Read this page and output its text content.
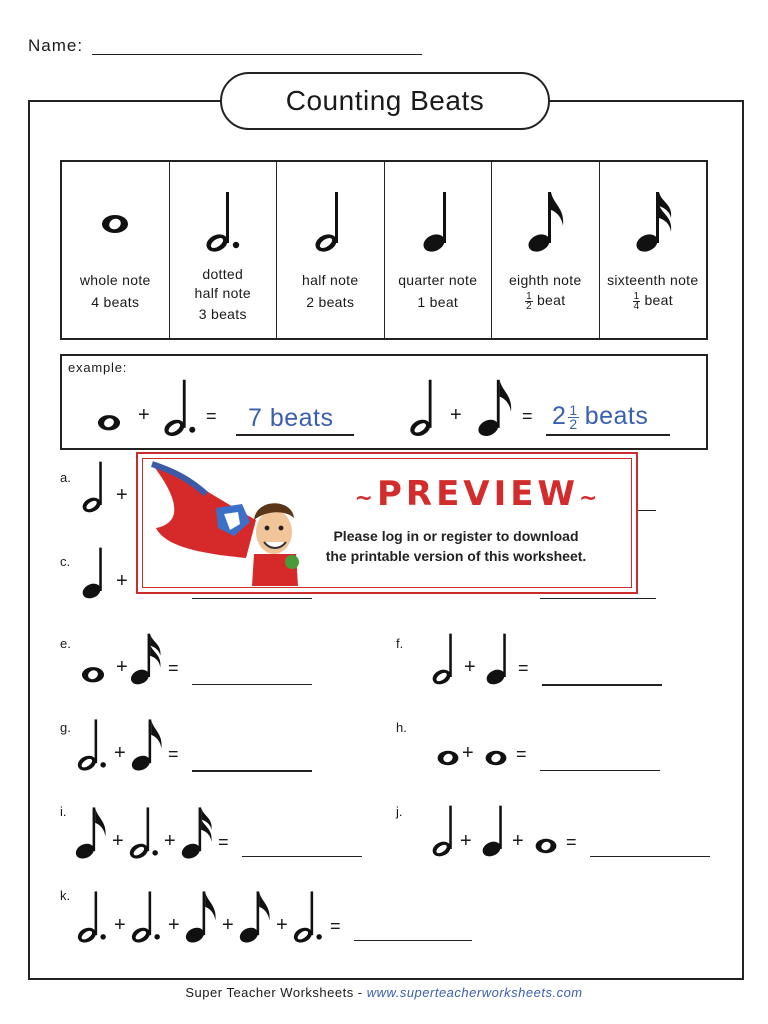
Name:
Counting Beats
whole note
4 beats
dotted
half note
3 beats
half note
2 beats
quarter note
1 beat
eighth note
$\frac{1}{2}$ beat
sixteenth note
$\frac{1}{4}$ beat
example:
+	= 7 beats	+	= $2 \frac{1}{2}$ beats
a.
+
c.
+
e.
+ =
f.
+ =
g.
+ =
h.
+ =
i.
+ + =
j.
+ + =
k.
+ + + + =
~PREVIEW~
Please log in or register to download
the printable version of this worksheet.
Super Teacher Worksheets - www.superteacherworksheets.com
